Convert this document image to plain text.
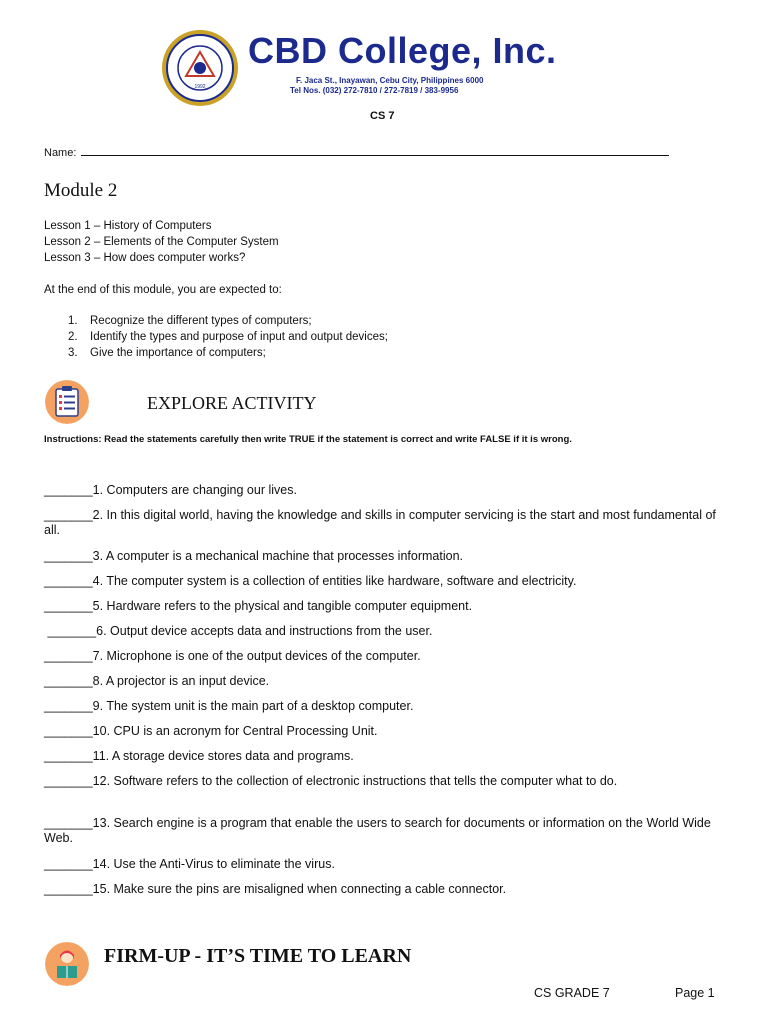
1992
CBD College, Inc.
F. Jaca St., Inayawan, Cebu City, Philippines 6000
Tel Nos. (032) 272-7810 / 272-7819 / 383-9956
CS 7
Name:
Module 2
Lesson 1 – History of Computers
Lesson 2 – Elements of the Computer System
Lesson 3 – How does computer works?
At the end of this module, you are expected to:
1. Recognize the different types of computers;
2. Identify the types and purpose of input and output devices;
3. Give the importance of computers;
EXPLORE ACTIVITY
Instructions: Read the statements carefully then write TRUE if the statement is correct and write FALSE if it is wrong.
_______1. Computers are changing our lives.
_______2. In this digital world, having the knowledge and skills in computer servicing is the start and most fundamental of all.
_______3. A computer is a mechanical machine that processes information.
_______4. The computer system is a collection of entities like hardware, software and electricity.
_______5. Hardware refers to the physical and tangible computer equipment.
_______6. Output device accepts data and instructions from the user.
_______7. Microphone is one of the output devices of the computer.
_______8. A projector is an input device.
_______9. The system unit is the main part of a desktop computer.
_______10. CPU is an acronym for Central Processing Unit.
_______11. A storage device stores data and programs.
_______12. Software refers to the collection of electronic instructions that tells the computer what to do.
_______13. Search engine is a program that enable the users to search for documents or information on the World Wide Web.
_______14. Use the Anti-Virus to eliminate the virus.
_______15. Make sure the pins are misaligned when connecting a cable connector.
FIRM-UP - IT’S TIME TO LEARN
CS GRADE 7	Page 1
